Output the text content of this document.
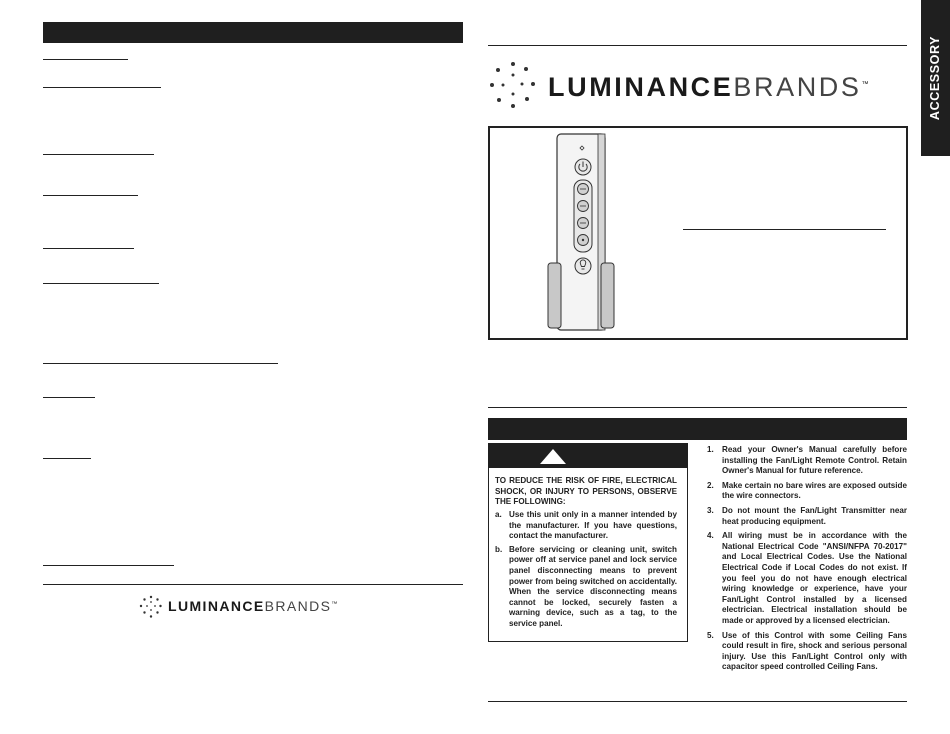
LUMINANCEBRANDS™
LUMINANCEBRANDS™
TO REDUCE THE RISK OF FIRE, ELECTRICAL SHOCK, OR INJURY TO PERSONS, OBSERVE THE FOLLOWING:
a. Use this unit only in a manner intended by the manufacturer. If you have questions, contact the manufacturer.
b. Before servicing or cleaning unit, switch power off at service panel and lock service panel disconnecting means to prevent power from being switched on accidentally. When the service disconnecting means cannot be locked, securely fasten a warning device, such as a tag, to the service panel.
1. Read your Owner's Manual carefully before installing the Fan/Light Remote Control. Retain Owner's Manual for future reference.
2. Make certain no bare wires are exposed outside the wire connectors.
3. Do not mount the Fan/Light Transmitter near heat producing equipment.
4. All wiring must be in accordance with the National Electrical Code "ANSI/NFPA 70-2017" and Local Electrical Codes. Use the National Electrical Code if Local Codes do not exist. If you feel you do not have enough electrical wiring knowledge or experience, have your Fan/Light Control installed by a licensed electrician. Electrical installation should be made or approved by a licensed electrician.
5. Use of this Control with some Ceiling Fans could result in fire, shock and serious personal injury. Use this Fan/Light Control only with capacitor speed controlled Ceiling Fans.
ACCESSORY
